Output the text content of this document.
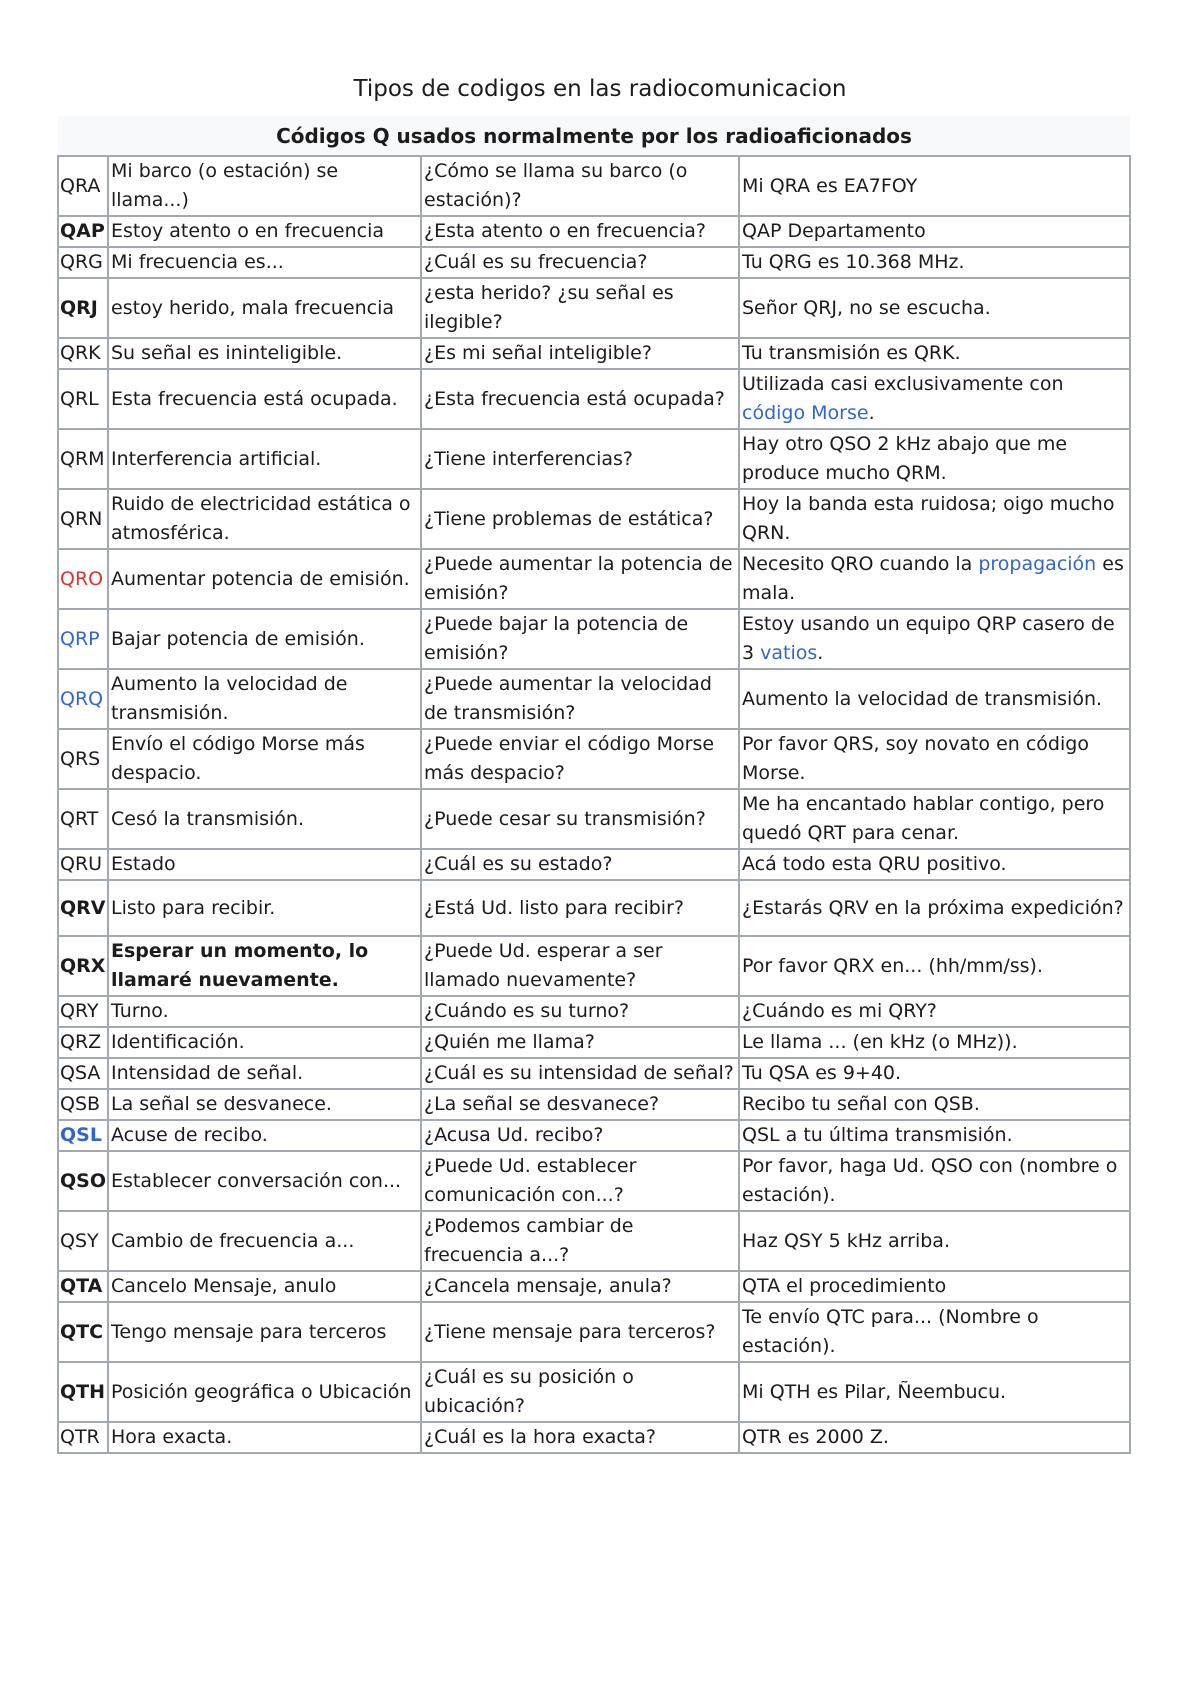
Tipos de codigos en las radiocomunicacion
Códigos Q usados normalmente por los radioaficionados			
QRA	Mi barco (o estación) se llama...)	¿Cómo se llama su barco (o estación)?	Mi QRA es EA7FOY
QAP	Estoy atento o en frecuencia	¿Esta atento o en frecuencia?	QAP Departamento
QRG	Mi frecuencia es...	¿Cuál es su frecuencia?	Tu QRG es 10.368 MHz.
QRJ	estoy herido, mala frecuencia	¿esta herido? ¿su señal es ilegible?	Señor QRJ, no se escucha.
QRK	Su señal es ininteligible.	¿Es mi señal inteligible?	Tu transmisión es QRK.
QRL	Esta frecuencia está ocupada.	¿Esta frecuencia está ocupada?	Utilizada casi exclusivamente con código Morse.
QRM	Interferencia artificial.	¿Tiene interferencias?	Hay otro QSO 2 kHz abajo que me produce mucho QRM.
QRN	Ruido de electricidad estática o atmosférica.	¿Tiene problemas de estática?	Hoy la banda esta ruidosa; oigo mucho QRN.
QRO	Aumentar potencia de emisión.	¿Puede aumentar la potencia de emisión?	Necesito QRO cuando la propagación es mala.
QRP	Bajar potencia de emisión.	¿Puede bajar la potencia de emisión?	Estoy usando un equipo QRP casero de 3 vatios.
QRQ	Aumento la velocidad de transmisión.	¿Puede aumentar la velocidad de transmisión?	Aumento la velocidad de transmisión.
QRS	Envío el código Morse más despacio.	¿Puede enviar el código Morse más despacio?	Por favor QRS, soy novato en código Morse.
QRT	Cesó la transmisión.	¿Puede cesar su transmisión?	Me ha encantado hablar contigo, pero quedó QRT para cenar.
QRU	Estado	¿Cuál es su estado?	Acá todo esta QRU positivo.
QRV	Listo para recibir.	¿Está Ud. listo para recibir?	¿Estarás QRV en la próxima expedición?
QRX	Esperar un momento, lo llamaré nuevamente.	¿Puede Ud. esperar a ser llamado nuevamente?	Por favor QRX en... (hh/mm/ss).
QRY	Turno.	¿Cuándo es su turno?	¿Cuándo es mi QRY?
QRZ	Identificación.	¿Quién me llama?	Le llama ... (en kHz (o MHz)).
QSA	Intensidad de señal.	¿Cuál es su intensidad de señal?	Tu QSA es 9+40.
QSB	La señal se desvanece.	¿La señal se desvanece?	Recibo tu señal con QSB.
QSL	Acuse de recibo.	¿Acusa Ud. recibo?	QSL a tu última transmisión.
QSO	Establecer conversación con...	¿Puede Ud. establecer comunicación con...?	Por favor, haga Ud. QSO con (nombre o estación).
QSY	Cambio de frecuencia a...	¿Podemos cambiar de frecuencia a...?	Haz QSY 5 kHz arriba.
QTA	Cancelo Mensaje, anulo	¿Cancela mensaje, anula?	QTA el procedimiento
QTC	Tengo mensaje para terceros	¿Tiene mensaje para terceros?	Te envío QTC para... (Nombre o estación).
QTH	Posición geográfica o Ubicación	¿Cuál es su posición o ubicación?	Mi QTH es Pilar, Ñeembucu.
QTR	Hora exacta.	¿Cuál es la hora exacta?	QTR es 2000 Z.
